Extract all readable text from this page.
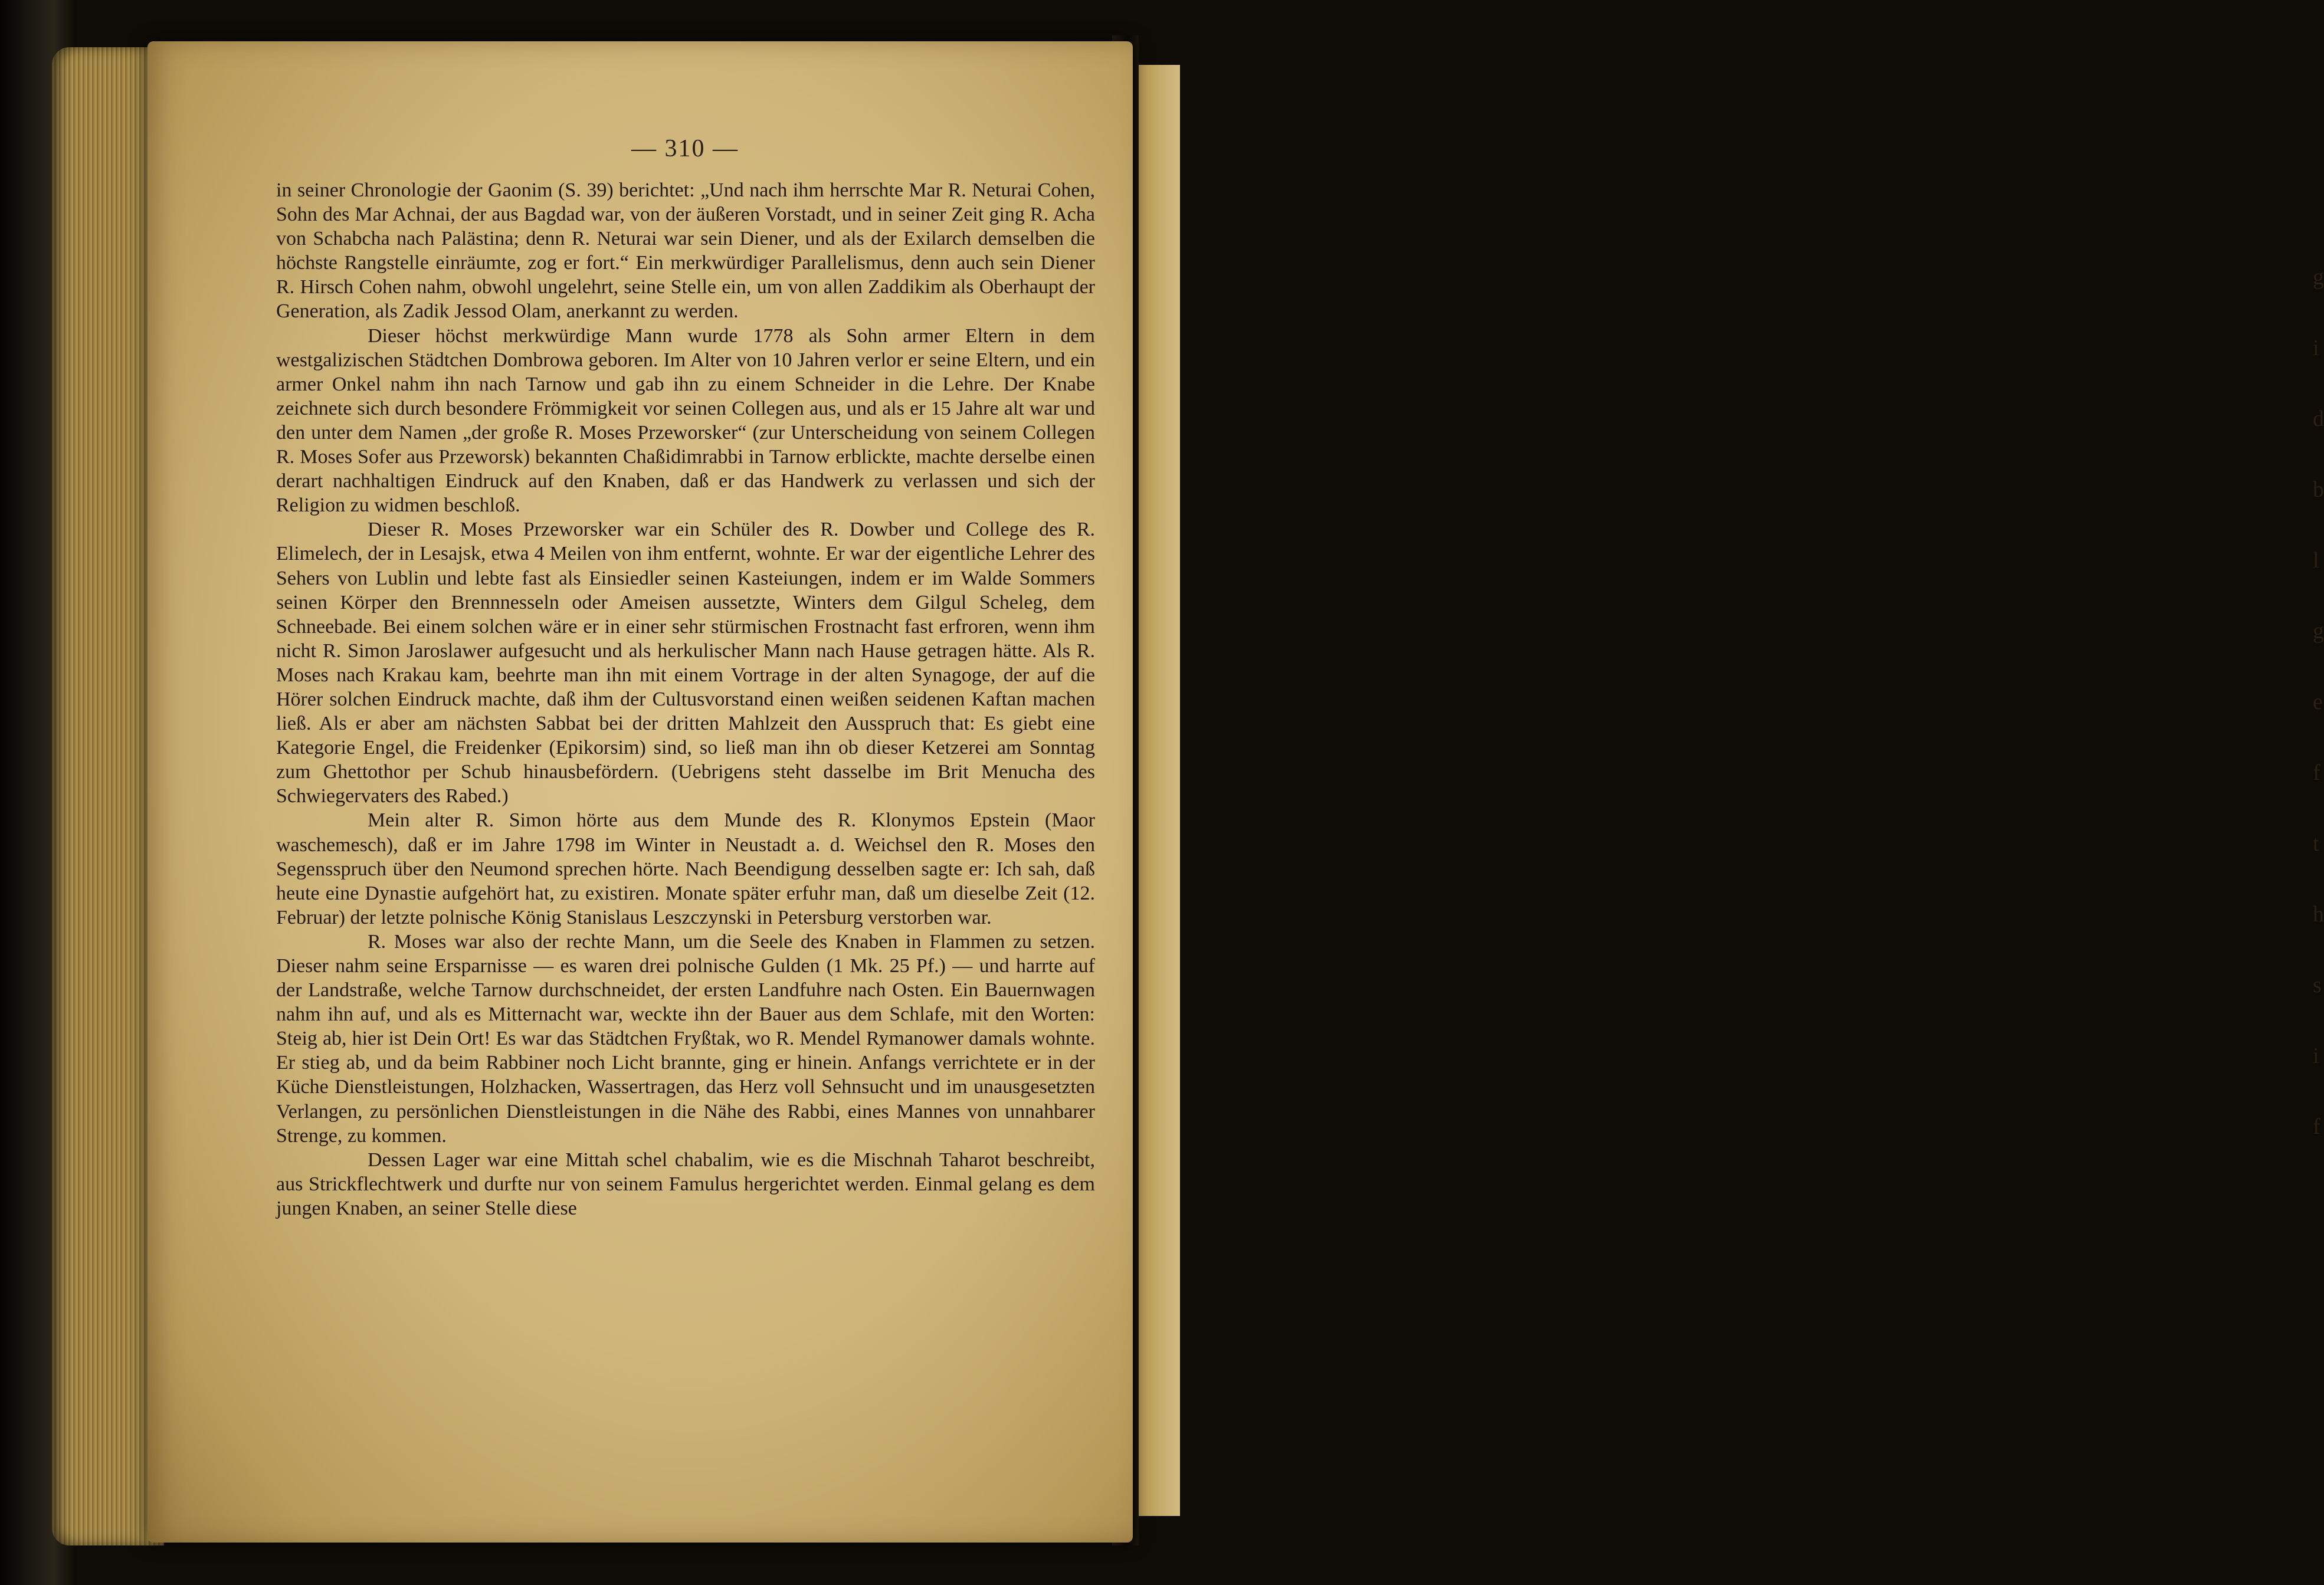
g
i
d
b
l
g
e
f
t
h
s
i
f
— 310 —

in seiner Chronologie der Gaonim (S. 39) berichtet: „Und nach ihm herrschte Mar R. Neturai Cohen, Sohn des Mar Achnai, der aus Bagdad war, von der äußeren Vorstadt, und in seiner Zeit ging R. Acha von Schabcha nach Palästina; denn R. Neturai war sein Diener, und als der Exilarch demselben die höchste Rangstelle einräumte, zog er fort.“ Ein merkwürdiger Parallelismus, denn auch sein Diener R. Hirsch Cohen nahm, obwohl ungelehrt, seine Stelle ein, um von allen Zaddikim als Oberhaupt der Generation, als Zadik Jessod Olam, anerkannt zu werden.

Dieser höchst merkwürdige Mann wurde 1778 als Sohn armer Eltern in dem westgalizischen Städtchen Dombrowa geboren. Im Alter von 10 Jahren verlor er seine Eltern, und ein armer Onkel nahm ihn nach Tarnow und gab ihn zu einem Schneider in die Lehre. Der Knabe zeichnete sich durch besondere Frömmigkeit vor seinen Collegen aus, und als er 15 Jahre alt war und den unter dem Namen „der große R. Moses Przeworsker“ (zur Unterscheidung von seinem Collegen R. Moses Sofer aus Przeworsk) bekannten Chaßidimrabbi in Tarnow erblickte, machte derselbe einen derart nachhaltigen Eindruck auf den Knaben, daß er das Handwerk zu verlassen und sich der Religion zu widmen beschloß.

Dieser R. Moses Przeworsker war ein Schüler des R. Dowber und College des R. Elimelech, der in Lesajsk, etwa 4 Meilen von ihm entfernt, wohnte. Er war der eigentliche Lehrer des Sehers von Lublin und lebte fast als Einsiedler seinen Kasteiungen, indem er im Walde Sommers seinen Körper den Brennnesseln oder Ameisen aussetzte, Winters dem Gilgul Scheleg, dem Schneebade. Bei einem solchen wäre er in einer sehr stürmischen Frostnacht fast erfroren, wenn ihm nicht R. Simon Jaroslawer aufgesucht und als herkulischer Mann nach Hause getragen hätte. Als R. Moses nach Krakau kam, beehrte man ihn mit einem Vortrage in der alten Synagoge, der auf die Hörer solchen Eindruck machte, daß ihm der Cultusvorstand einen weißen seidenen Kaftan machen ließ. Als er aber am nächsten Sabbat bei der dritten Mahlzeit den Ausspruch that: Es giebt eine Kategorie Engel, die Freidenker (Epikorsim) sind, so ließ man ihn ob dieser Ketzerei am Sonntag zum Ghettothor per Schub hinausbefördern. (Uebrigens steht dasselbe im Brit Menucha des Schwiegervaters des Rabed.)

Mein alter R. Simon hörte aus dem Munde des R. Klonymos Epstein (Maor waschemesch), daß er im Jahre 1798 im Winter in Neustadt a. d. Weichsel den R. Moses den Segensspruch über den Neumond sprechen hörte. Nach Beendigung desselben sagte er: Ich sah, daß heute eine Dynastie aufgehört hat, zu existiren. Monate später erfuhr man, daß um dieselbe Zeit (12. Februar) der letzte polnische König Stanislaus Leszczynski in Petersburg verstorben war.

R. Moses war also der rechte Mann, um die Seele des Knaben in Flammen zu setzen. Dieser nahm seine Ersparnisse — es waren drei polnische Gulden (1 Mk. 25 Pf.) — und harrte auf der Landstraße, welche Tarnow durchschneidet, der ersten Landfuhre nach Osten. Ein Bauernwagen nahm ihn auf, und als es Mitternacht war, weckte ihn der Bauer aus dem Schlafe, mit den Worten: Steig ab, hier ist Dein Ort! Es war das Städtchen Fryßtak, wo R. Mendel Rymanower damals wohnte. Er stieg ab, und da beim Rabbiner noch Licht brannte, ging er hinein. Anfangs verrichtete er in der Küche Dienstleistungen, Holzhacken, Wassertragen, das Herz voll Sehnsucht und im unausgesetzten Verlangen, zu persönlichen Dienstleistungen in die Nähe des Rabbi, eines Mannes von unnahbarer Strenge, zu kommen.

Dessen Lager war eine Mittah schel chabalim, wie es die Mischnah Taharot beschreibt, aus Strickflechtwerk und durfte nur von seinem Famulus hergerichtet werden. Einmal gelang es dem jungen Knaben, an seiner Stelle diese
